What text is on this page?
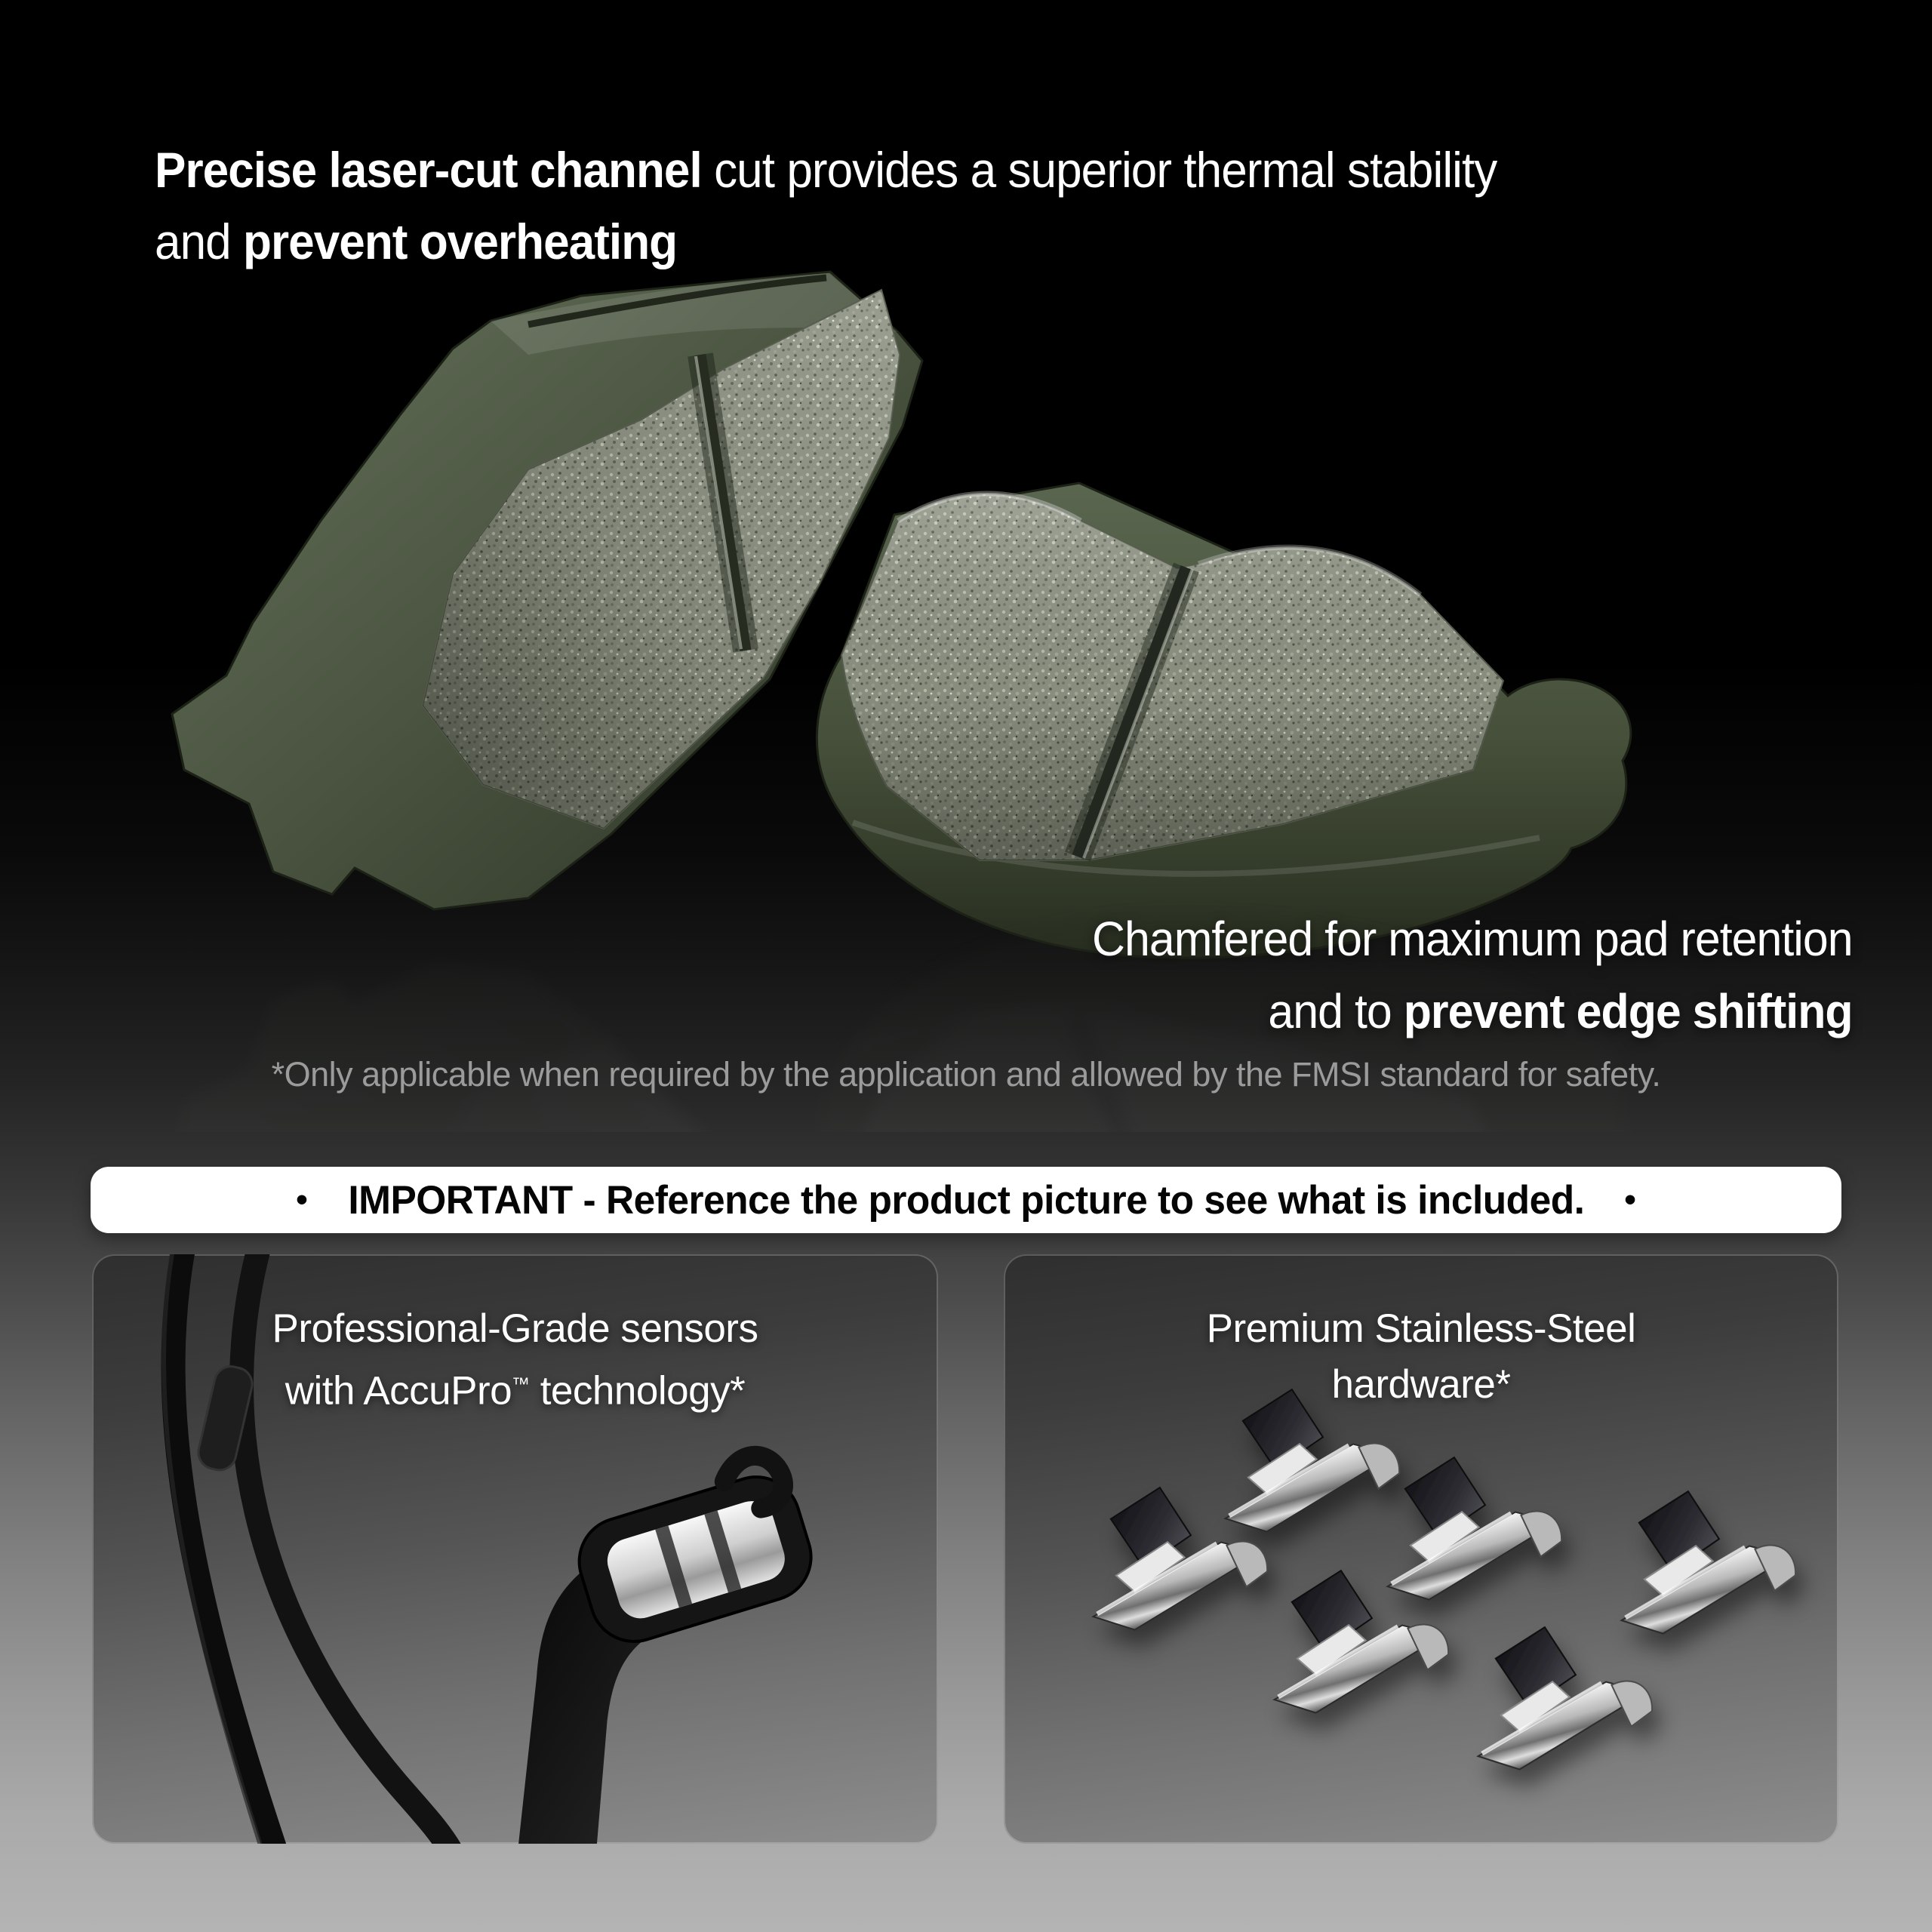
Precise laser-cut channel cut provides a superior thermal stability
and prevent overheating
Chamfered for maximum pad retention
and to prevent edge shifting
*Only applicable when required by the application and allowed by the FMSI standard for safety.
• IMPORTANT - Reference the product picture to see what is included. •
Professional-Grade sensors
with AccuPro™ technology*
Premium Stainless-Steel
hardware*
